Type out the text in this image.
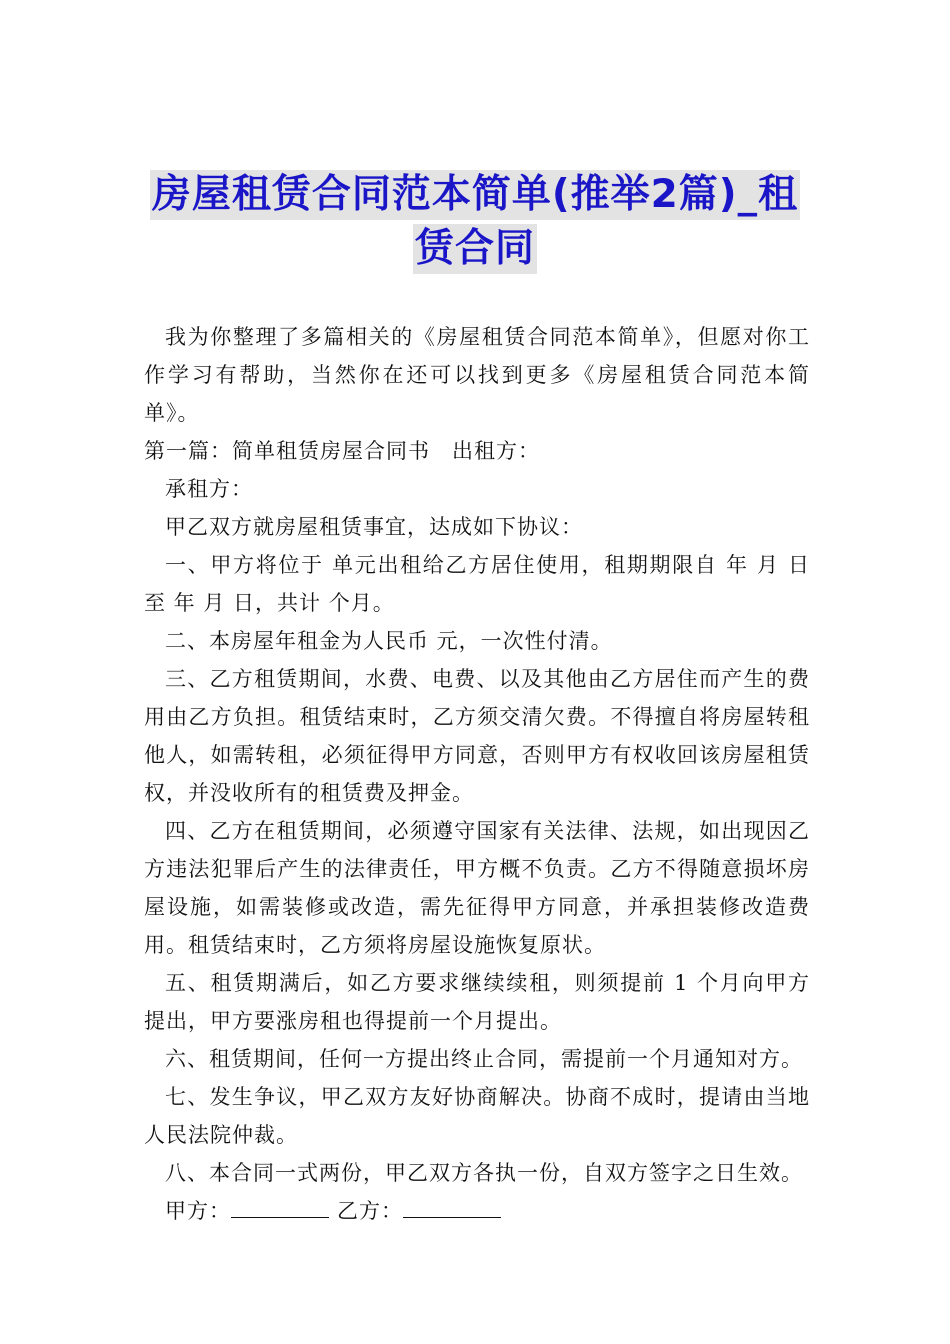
房屋租赁合同范本简单(推举2篇)_租
赁合同

我为你整理了多篇相关的《房屋租赁合同范本简单》，但愿对你工作学习有帮助，当然你在还可以找到更多《房屋租赁合同范本简单》。

第一篇：简单租赁房屋合同书　出租方：

承租方：

甲乙双方就房屋租赁事宜，达成如下协议：

一、甲方将位于 单元出租给乙方居住使用，租期期限自 年 月 日至 年 月 日，共计 个月。

二、本房屋年租金为人民币 元，一次性付清。

三、乙方租赁期间，水费、电费、以及其他由乙方居住而产生的费用由乙方负担。租赁结束时，乙方须交清欠费。不得擅自将房屋转租他人，如需转租，必须征得甲方同意，否则甲方有权收回该房屋租赁权，并没收所有的租赁费及押金。

四、乙方在租赁期间，必须遵守国家有关法律、法规，如出现因乙方违法犯罪后产生的法律责任，甲方概不负责。乙方不得随意损坏房屋设施，如需装修或改造，需先征得甲方同意，并承担装修改造费用。租赁结束时，乙方须将房屋设施恢复原状。

五、租赁期满后，如乙方要求继续续租，则须提前 1 个月向甲方提出，甲方要涨房租也得提前一个月提出。

六、租赁期间，任何一方提出终止合同，需提前一个月通知对方。

七、发生争议，甲乙双方友好协商解决。协商不成时，提请由当地人民法院仲裁。

八、本合同一式两份，甲乙双方各执一份，自双方签字之日生效。

甲方：	乙方：
